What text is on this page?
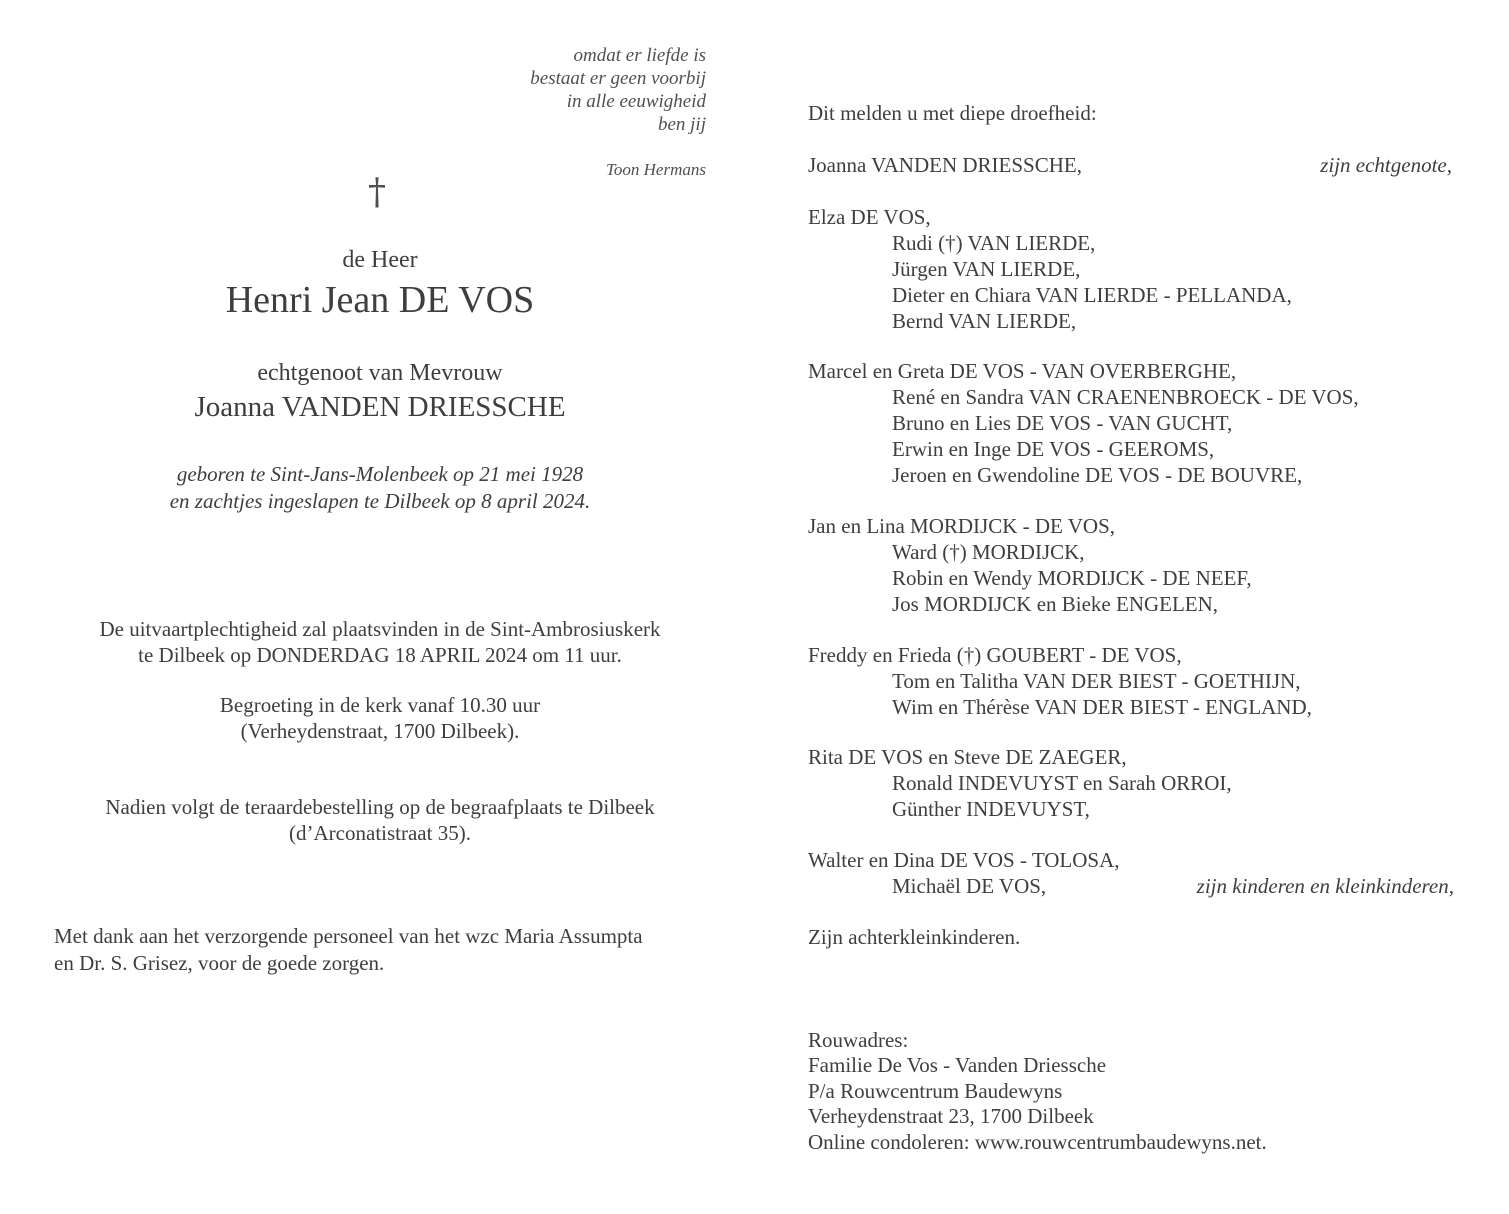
omdat er liefde is
bestaat er geen voorbij
in alle eeuwigheid
ben jij
Toon Hermans
†
de Heer
Henri Jean DE VOS
echtgenoot van Mevrouw
Joanna VANDEN DRIESSCHE
geboren te Sint-Jans-Molenbeek op 21 mei 1928
en zachtjes ingeslapen te Dilbeek op 8 april 2024.
De uitvaartplechtigheid zal plaatsvinden in de Sint-Ambrosiuskerk
te Dilbeek op DONDERDAG 18 APRIL 2024 om 11 uur.
Begroeting in de kerk vanaf 10.30 uur
(Verheydenstraat, 1700 Dilbeek).
Nadien volgt de teraardebestelling op de begraafplaats te Dilbeek
(d’Arconatistraat 35).
Met dank aan het verzorgende personeel van het wzc Maria Assumpta
en Dr. S. Grisez, voor de goede zorgen.
Dit melden u met diepe droefheid:
Joanna VANDEN DRIESSCHE,	zijn echtgenote,
Elza DE VOS,
Rudi (†) VAN LIERDE,
Jürgen VAN LIERDE,
Dieter en Chiara VAN LIERDE - PELLANDA,
Bernd VAN LIERDE,
Marcel en Greta DE VOS - VAN OVERBERGHE,
René en Sandra VAN CRAENENBROECK - DE VOS,
Bruno en Lies DE VOS - VAN GUCHT,
Erwin en Inge DE VOS - GEEROMS,
Jeroen en Gwendoline DE VOS - DE BOUVRE,
Jan en Lina MORDIJCK - DE VOS,
Ward (†) MORDIJCK,
Robin en Wendy MORDIJCK - DE NEEF,
Jos MORDIJCK en Bieke ENGELEN,
Freddy en Frieda (†) GOUBERT - DE VOS,
Tom en Talitha VAN DER BIEST - GOETHIJN,
Wim en Thérèse VAN DER BIEST - ENGLAND,
Rita DE VOS en Steve DE ZAEGER,
Ronald INDEVUYST en Sarah ORROI,
Günther INDEVUYST,
Walter en Dina DE VOS - TOLOSA,
Michaël DE VOS,	zijn kinderen en kleinkinderen,
Zijn achterkleinkinderen.
Rouwadres:
Familie De Vos - Vanden Driessche
P/a Rouwcentrum Baudewyns
Verheydenstraat 23, 1700 Dilbeek
Online condoleren: www.rouwcentrumbaudewyns.net.
